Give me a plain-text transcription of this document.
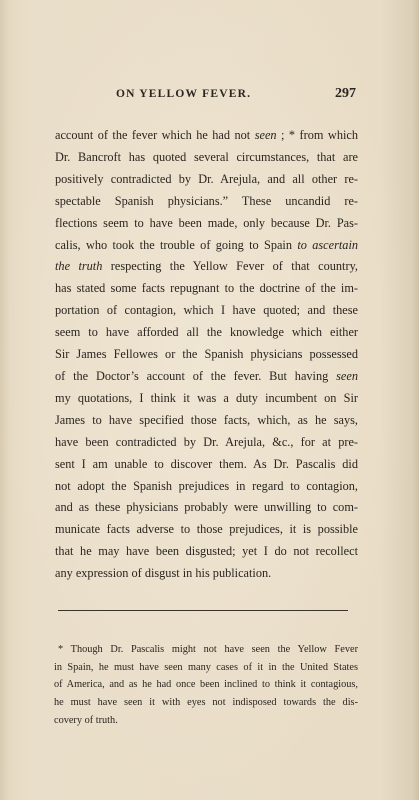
ON YELLOW FEVER.	297
account of the fever which he had not seen ; * from which
Dr. Bancroft has quoted several circumstances, that are
positively contradicted by Dr. Arejula, and all other re-
spectable Spanish physicians.” These uncandid re-
flections seem to have been made, only because Dr. Pas-
calis, who took the trouble of going to Spain to ascertain
the truth respecting the Yellow Fever of that country,
has stated some facts repugnant to the doctrine of the im-
portation of contagion, which I have quoted; and these
seem to have afforded all the knowledge which either
Sir James Fellowes or the Spanish physicians possessed
of the Doctor’s account of the fever. But having seen
my quotations, I think it was a duty incumbent on Sir
James to have specified those facts, which, as he says,
have been contradicted by Dr. Arejula, &c., for at pre-
sent I am unable to discover them. As Dr. Pascalis did
not adopt the Spanish prejudices in regard to contagion,
and as these physicians probably were unwilling to com-
municate facts adverse to those prejudices, it is possible
that he may have been disgusted; yet I do not recollect
any expression of disgust in his publication.
* Though Dr. Pascalis might not have seen the Yellow Fever
in Spain, he must have seen many cases of it in the United States
of America, and as he had once been inclined to think it contagious,
he must have seen it with eyes not indisposed towards the dis-
covery of truth.
